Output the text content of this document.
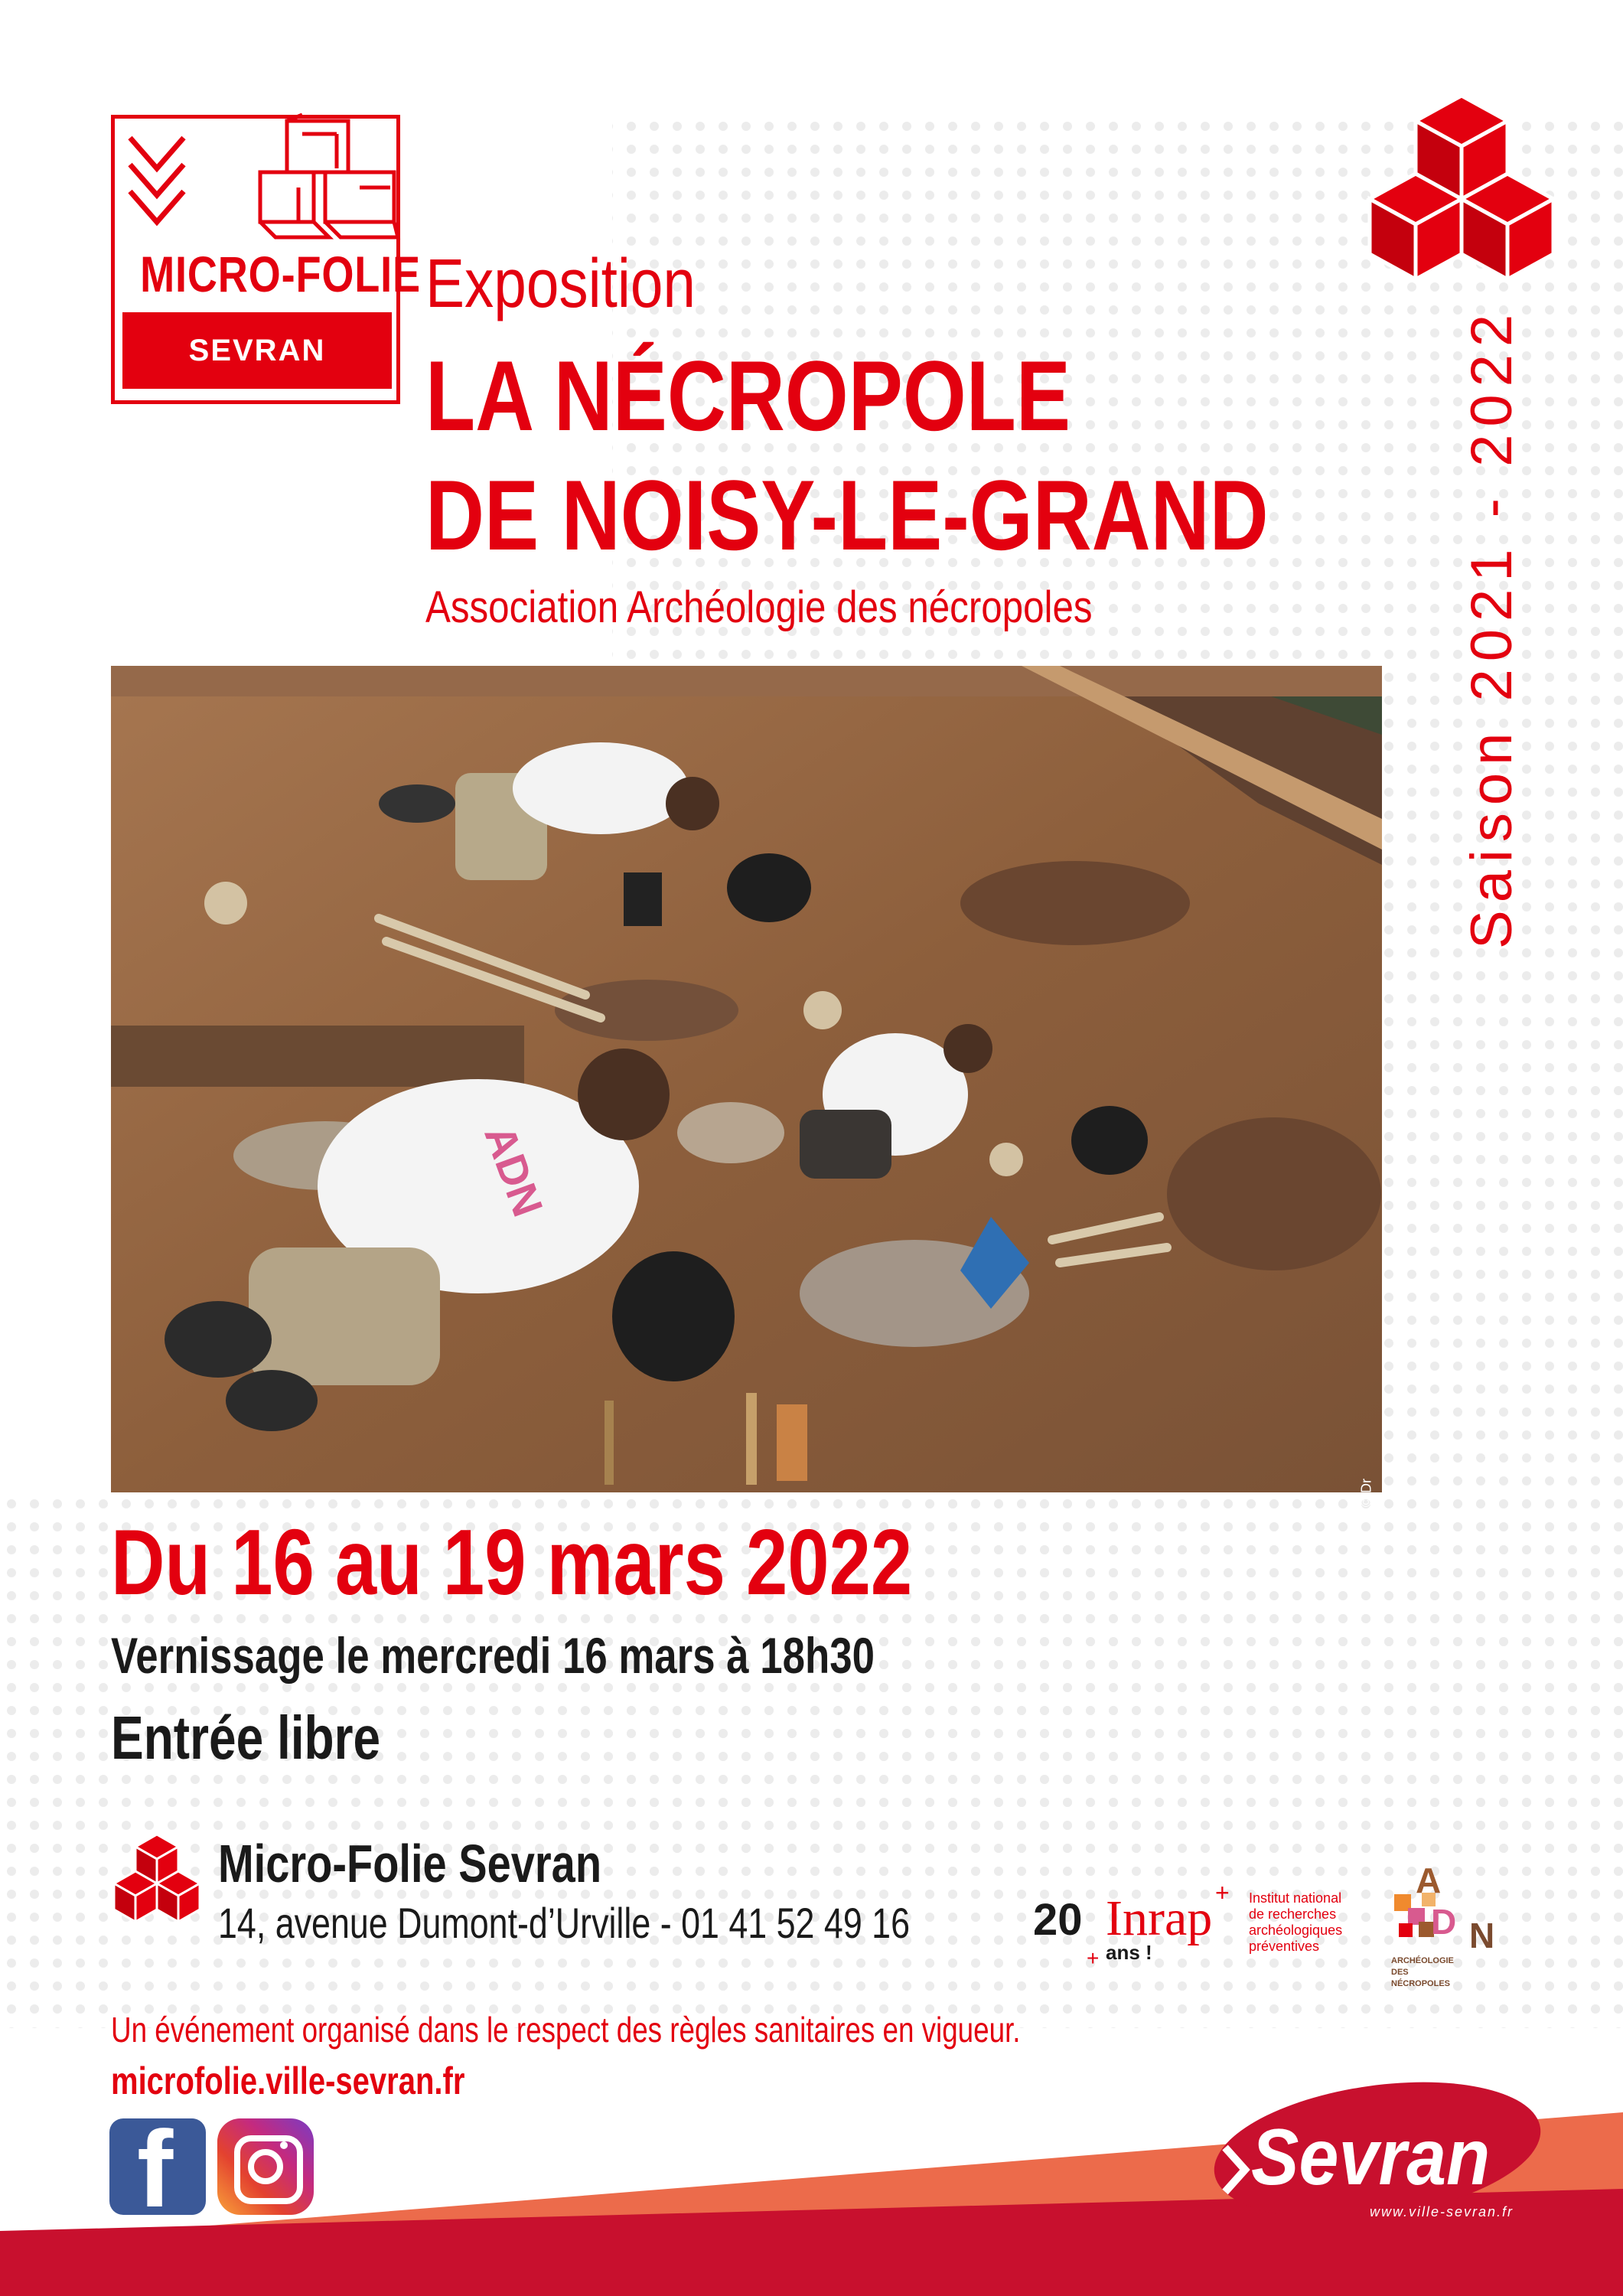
MICRO-FOLIE
SEVRAN
Exposition
LA NÉCROPOLE
DE NOISY-LE-GRAND
Association Archéologie des nécropoles	Saison 2021 - 2022
ADN
© Dr
Du 16 au 19 mars 2022
Vernissage le mercredi 16 mars à 18h30
Entrée libre
Micro-Folie Sevran
14, avenue Dumont-d’Urville - 01 41 52 49 16	20 Inrap
ans !
+
+
Institut national
de recherches
archéologiques
préventives
A
D N
ARCHÉOLOGIE
DES
NÉCROPOLES
Un événement organisé dans le respect des règles sanitaires en vigueur.
microfolie.ville-sevran.fr
f	Sevran
www.ville-sevran.fr
